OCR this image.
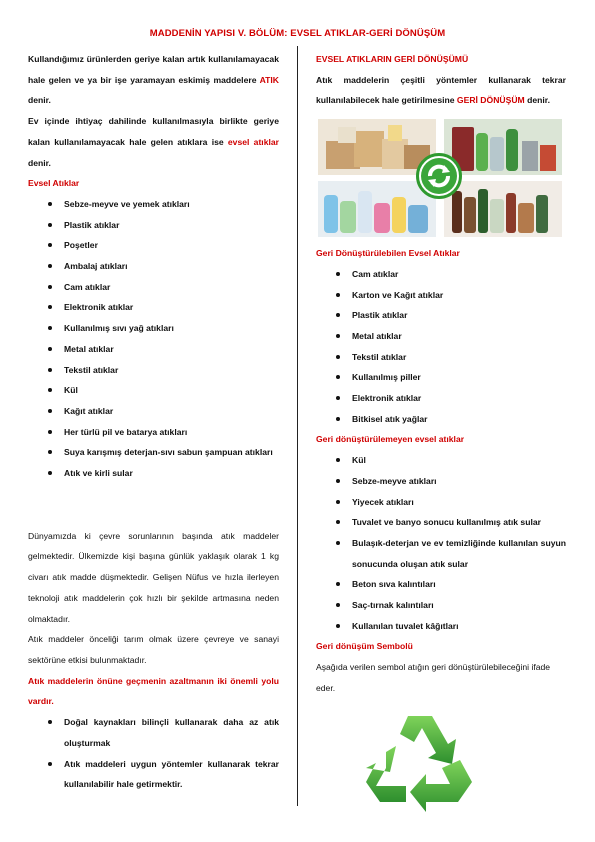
MADDENİN YAPISI V. BÖLÜM: EVSEL ATIKLAR-GERİ DÖNÜŞÜM

Kullandığımız ürünlerden geriye kalan artık kullanılamayacak hale gelen ve ya bir işe yaramayan eskimiş maddelere ATIK denir.

Ev içinde ihtiyaç dahilinde kullanılmasıyla birlikte geriye kalan kullanılamayacak hale gelen atıklara ise evsel atıklar denir.

Evsel Atıklar

Sebze-meyve ve yemek atıkları
Plastik atıklar
Poşetler
Ambalaj atıkları
Cam atıklar
Elektronik atıklar
Kullanılmış sıvı yağ atıkları
Metal atıklar
Tekstil atıklar
Kül
Kağıt atıklar
Her türlü pil ve batarya atıkları
Suya karışmış deterjan-sıvı sabun şampuan atıkları
Atık ve kirli sular

Dünyamızda ki çevre sorunlarının başında atık maddeler gelmektedir. Ülkemizde kişi başına günlük yaklaşık olarak 1 kg civarı atık madde düşmektedir. Gelişen Nüfus ve hızla ilerleyen teknoloji atık maddelerin çok hızlı bir şekilde artmasına neden olmaktadır.

Atık maddeler önceliği tarım olmak üzere çevreye ve sanayi sektörüne etkisi bulunmaktadır.

Atık maddelerin önüne geçmenin azaltmanın iki önemli yolu vardır.

Doğal kaynakları bilinçli kullanarak daha az atık oluşturmak
Atık maddeleri uygun yöntemler kullanarak tekrar kullanılabilir hale getirmektir.

EVSEL ATIKLARIN GERİ DÖNÜŞÜMÜ

Atık maddelerin çeşitli yöntemler kullanarak tekrar kullanılabilecek hale getirilmesine GERİ DÖNÜŞÜM denir.

Geri Dönüştürülebilen Evsel Atıklar

Cam atıklar
Karton ve Kağıt atıklar
Plastik atıklar
Metal atıklar
Tekstil atıklar
Kullanılmış piller
Elektronik atıklar
Bitkisel atık yağlar

Geri dönüştürülemeyen evsel atıklar

Kül
Sebze-meyve atıkları
Yiyecek atıkları
Tuvalet ve banyo sonucu kullanılmış atık sular
Bulaşık-deterjan ve ev temizliğinde kullanılan suyun sonucunda oluşan atık sular
Beton sıva kalıntıları
Saç-tırnak kalıntıları
Kullanılan tuvalet kâğıtları

Geri dönüşüm Sembolü

Aşağıda verilen sembol atığın geri dönüştürülebileceğini ifade eder.
